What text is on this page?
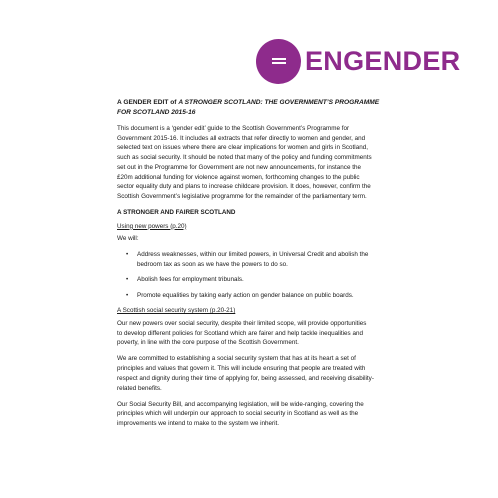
ENGENDER
A GENDER EDIT of A STRONGER SCOTLAND: THE GOVERNMENT’S PROGRAMME
FOR SCOTLAND 2015-16

This document is a ‘gender edit’ guide to the Scottish Government’s Programme for
Government 2015-16. It includes all extracts that refer directly to women and gender, and
selected text on issues where there are clear implications for women and girls in Scotland,
such as social security. It should be noted that many of the policy and funding commitments
set out in the Programme for Government are not new announcements, for instance the
£20m additional funding for violence against women, forthcoming changes to the public
sector equality duty and plans to increase childcare provision. It does, however, confirm the
Scottish Government’s legislative programme for the remainder of the parliamentary term.

A STRONGER AND FAIRER SCOTLAND
Using new powers (p.20)

We will:

• Address weaknesses, within our limited powers, in Universal Credit and abolish the
bedroom tax as soon as we have the powers to do so.
• Abolish fees for employment tribunals.
• Promote equalities by taking early action on gender balance on public boards.
A Scottish social security system (p.20-21)

Our new powers over social security, despite their limited scope, will provide opportunities
to develop different policies for Scotland which are fairer and help tackle inequalities and
poverty, in line with the core purpose of the Scottish Government.

We are committed to establishing a social security system that has at its heart a set of
principles and values that govern it. This will include ensuring that people are treated with
respect and dignity during their time of applying for, being assessed, and receiving disability-
related benefits.

Our Social Security Bill, and accompanying legislation, will be wide-ranging, covering the
principles which will underpin our approach to social security in Scotland as well as the
improvements we intend to make to the system we inherit.
